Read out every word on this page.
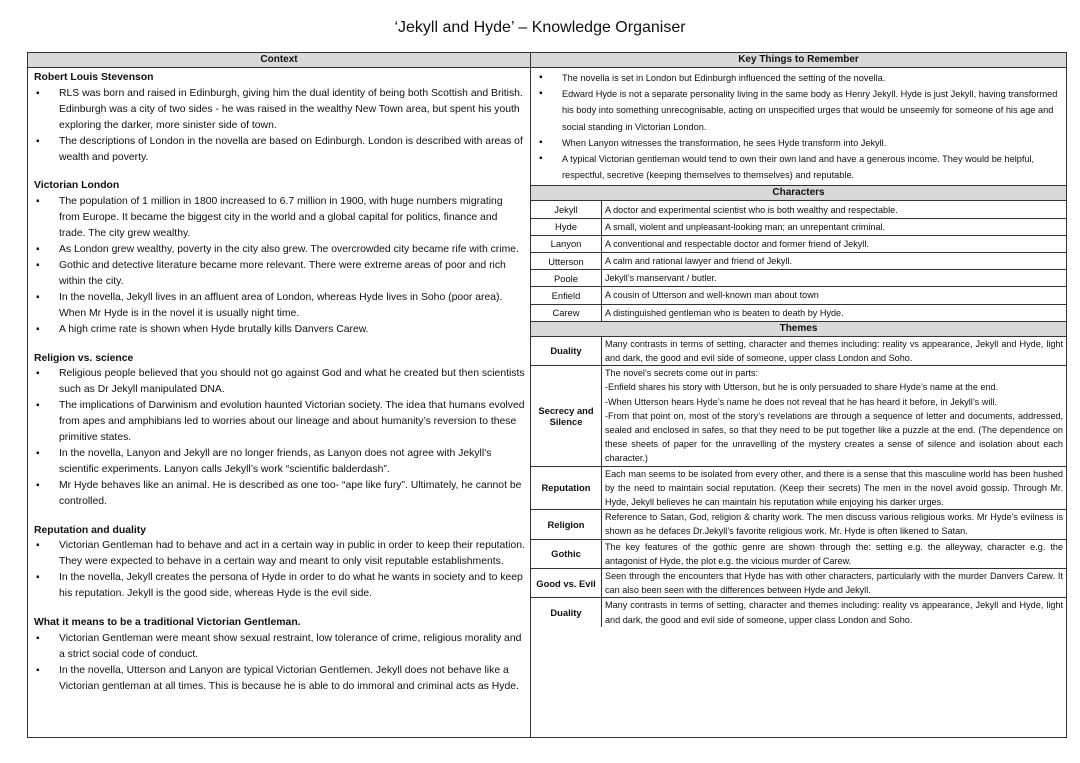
‘Jekyll and Hyde’ – Knowledge Organiser
Context
Robert Louis Stevenson
▪ RLS was born and raised in Edinburgh, giving him the dual identity of being both Scottish and British. Edinburgh was a city of two sides - he was raised in the wealthy New Town area, but spent his youth exploring the darker, more sinister side of town.
▪ The descriptions of London in the novella are based on Edinburgh. London is described with areas of wealth and poverty.
Victorian London
▪ The population of 1 million in 1800 increased to 6.7 million in 1900, with huge numbers migrating from Europe. It became the biggest city in the world and a global capital for politics, finance and trade. The city grew wealthy.
▪ As London grew wealthy, poverty in the city also grew. The overcrowded city became rife with crime.
▪ Gothic and detective literature became more relevant. There were extreme areas of poor and rich within the city.
▪ In the novella, Jekyll lives in an affluent area of London, whereas Hyde lives in Soho (poor area). When Mr Hyde is in the novel it is usually night time.
▪ A high crime rate is shown when Hyde brutally kills Danvers Carew.
Religion vs. science
▪ Religious people believed that you should not go against God and what he created but then scientists such as Dr Jekyll manipulated DNA.
▪ The implications of Darwinism and evolution haunted Victorian society. The idea that humans evolved from apes and amphibians led to worries about our lineage and about humanity’s reversion to these primitive states.
▪ In the novella, Lanyon and Jekyll are no longer friends, as Lanyon does not agree with Jekyll’s scientific experiments. Lanyon calls Jekyll’s work “scientific balderdash”.
▪ Mr Hyde behaves like an animal. He is described as one too- “ape like fury”. Ultimately, he cannot be controlled.
Reputation and duality
▪ Victorian Gentleman had to behave and act in a certain way in public in order to keep their reputation. They were expected to behave in a certain way and meant to only visit reputable establishments.
▪ In the novella, Jekyll creates the persona of Hyde in order to do what he wants in society and to keep his reputation. Jekyll is the good side, whereas Hyde is the evil side.
What it means to be a traditional Victorian Gentleman.
▪ Victorian Gentleman were meant show sexual restraint, low tolerance of crime, religious morality and a strict social code of conduct.
▪ In the novella, Utterson and Lanyon are typical Victorian Gentlemen. Jekyll does not behave like a Victorian gentleman at all times. This is because he is able to do immoral and criminal acts as Hyde.
Key Things to Remember
▪ The novella is set in London but Edinburgh influenced the setting of the novella.
▪ Edward Hyde is not a separate personality living in the same body as Henry Jekyll. Hyde is just Jekyll, having transformed his body into something unrecognisable, acting on unspecified urges that would be unseemly for someone of his age and social standing in Victorian London.
▪ When Lanyon witnesses the transformation, he sees Hyde transform into Jekyll.
▪ A typical Victorian gentleman would tend to own their own land and have a generous income. They would be helpful, respectful, secretive (keeping themselves to themselves) and reputable.
Characters
Jekyll	A doctor and experimental scientist who is both wealthy and respectable.
Hyde	A small, violent and unpleasant-looking man; an unrepentant criminal.
Lanyon	A conventional and respectable doctor and former friend of Jekyll.
Utterson	A calm and rational lawyer and friend of Jekyll.
Poole	Jekyll’s manservant / butler.
Enfield	A cousin of Utterson and well-known man about town
Carew	A distinguished gentleman who is beaten to death by Hyde.
Themes
Duality	Many contrasts in terms of setting, character and themes including: reality vs appearance, Jekyll and Hyde, light and dark, the good and evil side of someone, upper class London and Soho.
Secrecy and Silence	The novel’s secrets come out in parts:
-Enfield shares his story with Utterson, but he is only persuaded to share Hyde’s name at the end.
-When Utterson hears Hyde’s name he does not reveal that he has heard it before, in Jekyll’s will.
-From that point on, most of the story’s revelations are through a sequence of letter and documents, addressed, sealed and enclosed in safes, so that they need to be put together like a puzzle at the end. (The dependence on these sheets of paper for the unravelling of the mystery creates a sense of silence and isolation about each character.)

Reputation	Each man seems to be isolated from every other, and there is a sense that this masculine world has been hushed by the need to maintain social reputation. (Keep their secrets) The men in the novel avoid gossip. Through Mr. Hyde, Jekyll believes he can maintain his reputation while enjoying his darker urges.
Religion	Reference to Satan, God, religion & charity work. The men discuss various religious works. Mr Hyde’s evilness is shown as he defaces Dr.Jekyll’s favorite religious work. Mr. Hyde is often likened to Satan.
Gothic	The key features of the gothic genre are shown through the: setting e.g. the alleyway, character e.g. the antagonist of Hyde, the plot e.g. the vicious murder of Carew.
Good vs. Evil	Seen through the encounters that Hyde has with other characters, particularly with the murder Danvers Carew. It can also been seen with the differences between Hyde and Jekyll.
Duality	Many contrasts in terms of setting, character and themes including: reality vs appearance, Jekyll and Hyde, light and dark, the good and evil side of someone, upper class London and Soho.
